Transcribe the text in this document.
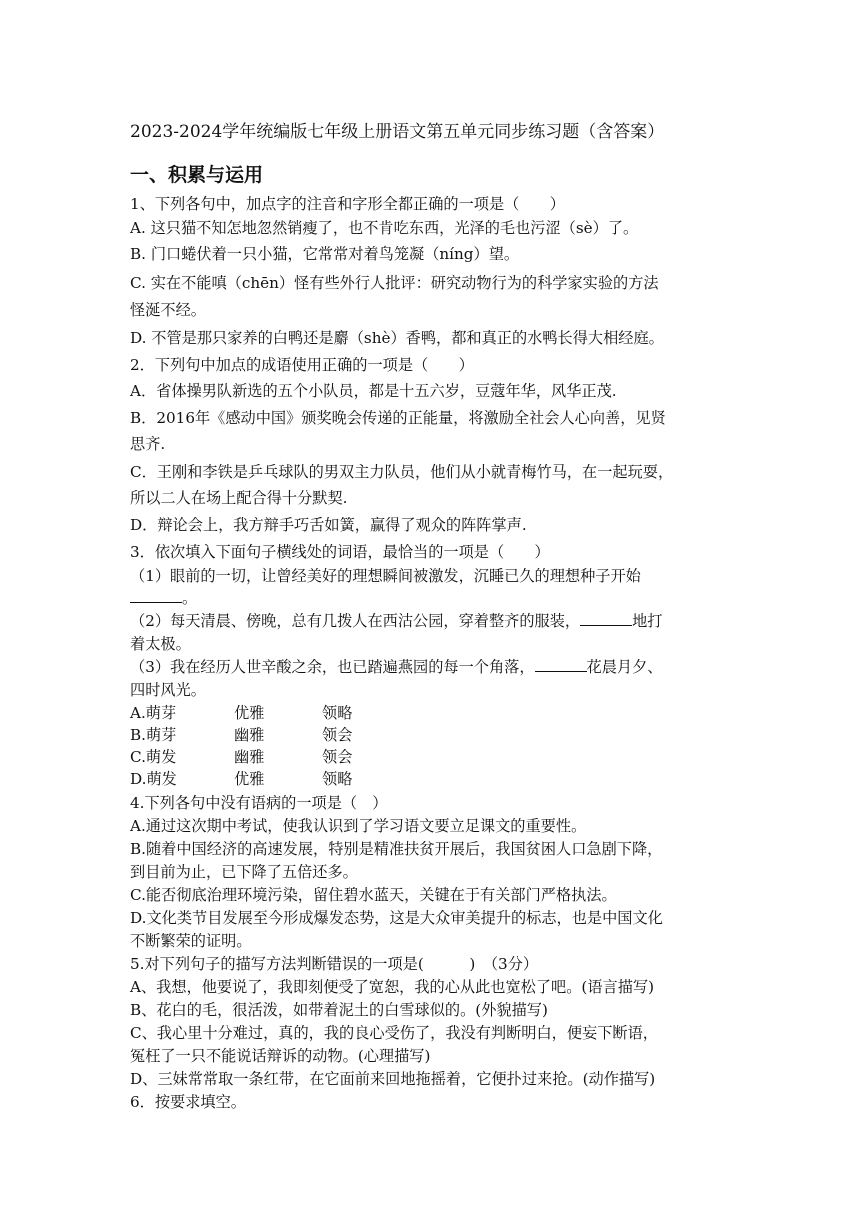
2023-2024学年统编版七年级上册语文第五单元同步练习题（含答案）
一、积累与运用
1、下列各句中，加点字的注音和字形全都正确的一项是（　　）
A. 这只猫不知怎地忽然销瘦了，也不肯吃东西，光泽的毛也污涩（sè）了。
B. 门口蜷伏着一只小猫，它常常对着鸟笼凝（níng）望。
C. 实在不能嗔（chēn）怪有些外行人批评：研究动物行为的科学家实验的方法
怪涎不经。
D. 不管是那只家养的白鸭还是麝（shè）香鸭，都和真正的水鸭长得大相经庭。
2．下列句中加点的成语使用正确的一项是（　　）
A．省体操男队新选的五个小队员，都是十五六岁，豆蔻年华，风华正茂.
B．2016年《感动中国》颁奖晚会传递的正能量，将激励全社会人心向善，见贤
思齐.
C．王刚和李铁是乒乓球队的男双主力队员，他们从小就青梅竹马，在一起玩耍，
所以二人在场上配合得十分默契.
D．辩论会上，我方辩手巧舌如簧，赢得了观众的阵阵掌声.
3．依次填入下面句子横线处的词语，最恰当的一项是（　　）
（1）眼前的一切，让曾经美好的理想瞬间被激发，沉睡已久的理想种子开始
。
（2）每天清晨、傍晚，总有几拨人在西沽公园，穿着整齐的服装，	地打
着太极。
（3）我在经历人世辛酸之余，也已踏遍燕园的每一个角落，	花晨月夕、
四时风光。
A.萌芽	优雅	领略
B.萌芽	幽雅	领会
C.萌发	幽雅	领会
D.萌发	优雅	领略
4.下列各句中没有语病的一项是（　）
A.通过这次期中考试，使我认识到了学习语文要立足课文的重要性。
B.随着中国经济的高速发展，特别是精准扶贫开展后，我国贫困人口急剧下降，
到目前为止，已下降了五倍还多。
C.能否彻底治理环境污染，留住碧水蓝天，关键在于有关部门严格执法。
D.文化类节目发展至今形成爆发态势，这是大众审美提升的标志，也是中国文化
不断繁荣的证明。
5.对下列句子的描写方法判断错误的一项是(　　　)　（3分）
A、我想，他要说了，我即刻便受了宽恕，我的心从此也宽松了吧。(语言描写)
B、花白的毛，很活泼，如带着泥土的白雪球似的。(外貌描写)
C、我心里十分难过，真的，我的良心受伤了，我没有判断明白，便妄下断语，
冤枉了一只不能说话辩诉的动物。(心理描写)
D、三妹常常取一条红带，在它面前来回地拖摇着，它便扑过来抢。(动作描写)
6．按要求填空。
